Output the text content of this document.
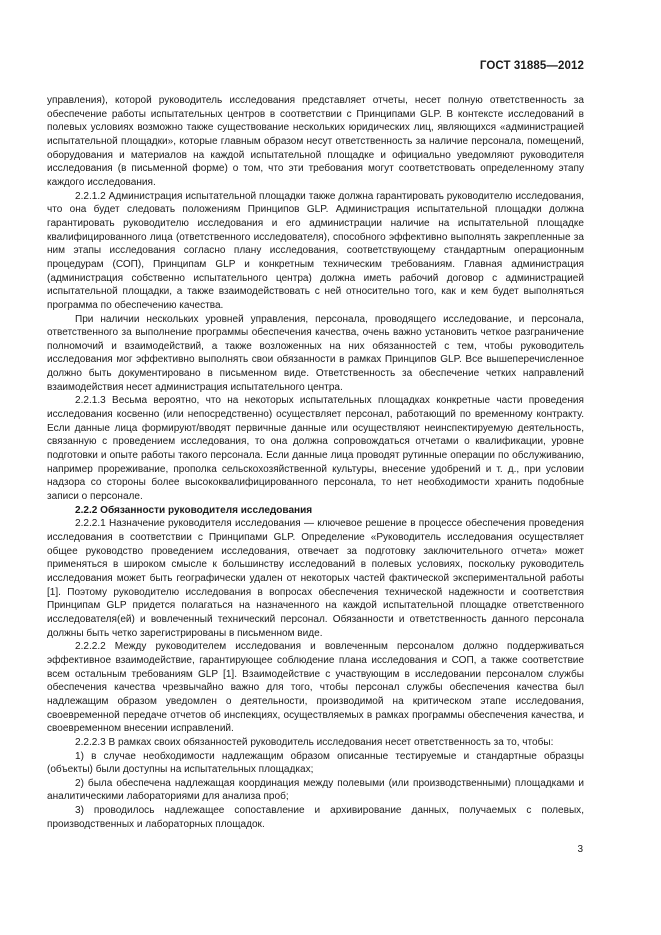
ГОСТ 31885—2012

управления), которой руководитель исследования представляет отчеты, несет полную ответственность за обеспечение работы испытательных центров в соответствии с Принципами GLP. В контексте исследований в полевых условиях возможно также существование нескольких юридических лиц, являющихся «администрацией испытательной площадки», которые главным образом несут ответственность за наличие персонала, помещений, оборудования и материалов на каждой испытательной площадке и официально уведомляют руководителя исследования (в письменной форме) о том, что эти требования могут соответствовать определенному этапу каждого исследования.

2.2.1.2 Администрация испытательной площадки также должна гарантировать руководителю исследования, что она будет следовать положениям Принципов GLP. Администрация испытательной площадки должна гарантировать руководителю исследования и его администрации наличие на испытательной площадке квалифицированного лица (ответственного исследователя), способного эффективно выполнять закрепленные за ним этапы исследования согласно плану исследования, соответствующему стандартным операционным процедурам (СОП), Принципам GLP и конкретным техническим требованиям. Главная администрация (администрация собственно испытательного центра) должна иметь рабочий договор с администрацией испытательной площадки, а также взаимодействовать с ней относительно того, как и кем будет выполняться программа по обеспечению качества.

При наличии нескольких уровней управления, персонала, проводящего исследование, и персонала, ответственного за выполнение программы обеспечения качества, очень важно установить четкое разграничение полномочий и взаимодействий, а также возложенных на них обязанностей с тем, чтобы руководитель исследования мог эффективно выполнять свои обязанности в рамках Принципов GLP. Все вышеперечисленное должно быть документировано в письменном виде. Ответственность за обеспечение четких направлений взаимодействия несет администрация испытательного центра.

2.2.1.3 Весьма вероятно, что на некоторых испытательных площадках конкретные части проведения исследования косвенно (или непосредственно) осуществляет персонал, работающий по временному контракту. Если данные лица формируют/вводят первичные данные или осуществляют неинспектируемую деятельность, связанную с проведением исследования, то она должна сопровождаться отчетами о квалификации, уровне подготовки и опыте работы такого персонала. Если данные лица проводят рутинные операции по обслуживанию, например прореживание, прополка сельскохозяйственной культуры, внесение удобрений и т. д., при условии надзора со стороны более высококвалифицированного персонала, то нет необходимости хранить подобные записи о персонале.

2.2.2 Обязанности руководителя исследования

2.2.2.1 Назначение руководителя исследования — ключевое решение в процессе обеспечения проведения исследования в соответствии с Принципами GLP. Определение «Руководитель исследования осуществляет общее руководство проведением исследования, отвечает за подготовку заключительного отчета» может применяться в широком смысле к большинству исследований в полевых условиях, поскольку руководитель исследования может быть географически удален от некоторых частей фактической экспериментальной работы [1]. Поэтому руководителю исследования в вопросах обеспечения технической надежности и соответствия Принципам GLP придется полагаться на назначенного на каждой испытательной площадке ответственного исследователя(ей) и вовлеченный технический персонал. Обязанности и ответственность данного персонала должны быть четко зарегистрированы в письменном виде.

2.2.2.2 Между руководителем исследования и вовлеченным персоналом должно поддерживаться эффективное взаимодействие, гарантирующее соблюдение плана исследования и СОП, а также соответствие всем остальным требованиям GLP [1]. Взаимодействие с участвующим в исследовании персоналом службы обеспечения качества чрезвычайно важно для того, чтобы персонал службы обеспечения качества был надлежащим образом уведомлен о деятельности, производимой на критическом этапе исследования, своевременной передаче отчетов об инспекциях, осуществляемых в рамках программы обеспечения качества, и своевременном внесении исправлений.

2.2.2.3 В рамках своих обязанностей руководитель исследования несет ответственность за то, чтобы:

1) в случае необходимости надлежащим образом описанные тестируемые и стандартные образцы (объекты) были доступны на испытательных площадках;

2) была обеспечена надлежащая координация между полевыми (или производственными) площадками и аналитическими лабораториями для анализа проб;

3) проводилось надлежащее сопоставление и архивирование данных, получаемых с полевых, производственных и лабораторных площадок.

3
